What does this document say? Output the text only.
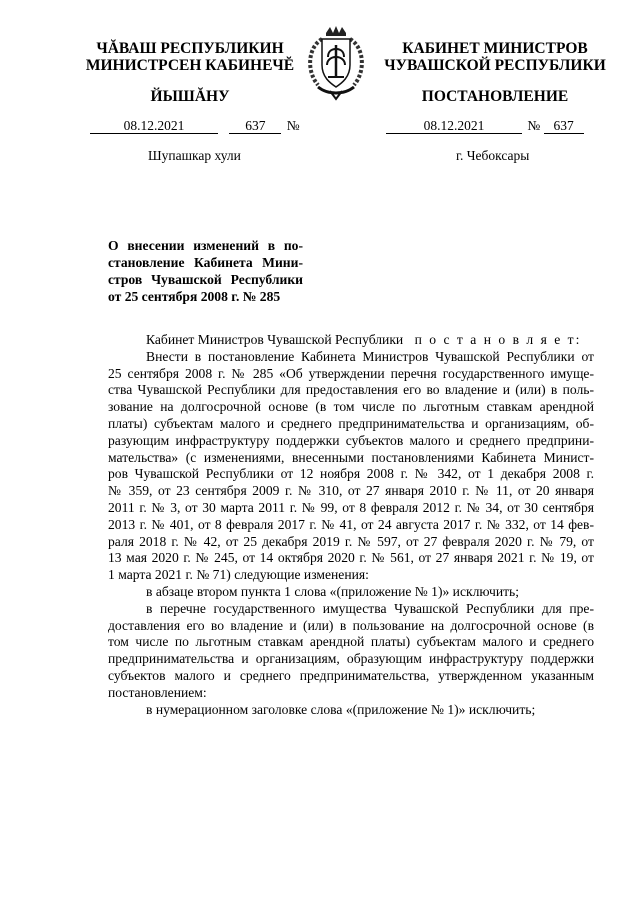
ЧĂВАШ РЕСПУБЛИКИН
МИНИСТРСЕН КАБИНЕЧĔ
ЙЫШĂНУ
КАБИНЕТ МИНИСТРОВ
ЧУВАШСКОЙ РЕСПУБЛИКИ
ПОСТАНОВЛЕНИЕ
08.12.2021	637 №	08.12.2021	№ 637
Шупашкар хули	г. Чебоксары
О внесении изменений в по-
становление Кабинета Мини-
стров Чувашской Республики
от 25 сентября 2008 г. № 285
Кабинет Министров Чувашской Республики п о с т а н о в л я е т:
Внести в постановление Кабинета Министров Чувашской Республики от
25 сентября 2008 г. № 285 «Об утверждении перечня государственного имуще-
ства Чувашской Республики для предоставления его во владение и (или) в поль-
зование на долгосрочной основе (в том числе по льготным ставкам арендной
платы) субъектам малого и среднего предпринимательства и организациям, об-
разующим инфраструктуру поддержки субъектов малого и среднего предприни-
мательства» (с изменениями, внесенными постановлениями Кабинета Минист-
ров Чувашской Республики от 12 ноября 2008 г. № 342, от 1 декабря 2008 г.
№ 359, от 23 сентября 2009 г. № 310, от 27 января 2010 г. № 11, от 20 января
2011 г. № 3, от 30 марта 2011 г. № 99, от 8 февраля 2012 г. № 34, от 30 сентября
2013 г. № 401, от 8 февраля 2017 г. № 41, от 24 августа 2017 г. № 332, от 14 фев-
раля 2018 г. № 42, от 25 декабря 2019 г. № 597, от 27 февраля 2020 г. № 79, от
13 мая 2020 г. № 245, от 14 октября 2020 г. № 561, от 27 января 2021 г. № 19, от
1 марта 2021 г. № 71) следующие изменения:
в абзаце втором пункта 1 слова «(приложение № 1)» исключить;
в перечне государственного имущества Чувашской Республики для пре-
доставления его во владение и (или) в пользование на долгосрочной основе (в
том числе по льготным ставкам арендной платы) субъектам малого и среднего
предпринимательства и организациям, образующим инфраструктуру поддержки
субъектов малого и среднего предпринимательства, утвержденном указанным
постановлением:
в нумерационном заголовке слова «(приложение № 1)» исключить;
